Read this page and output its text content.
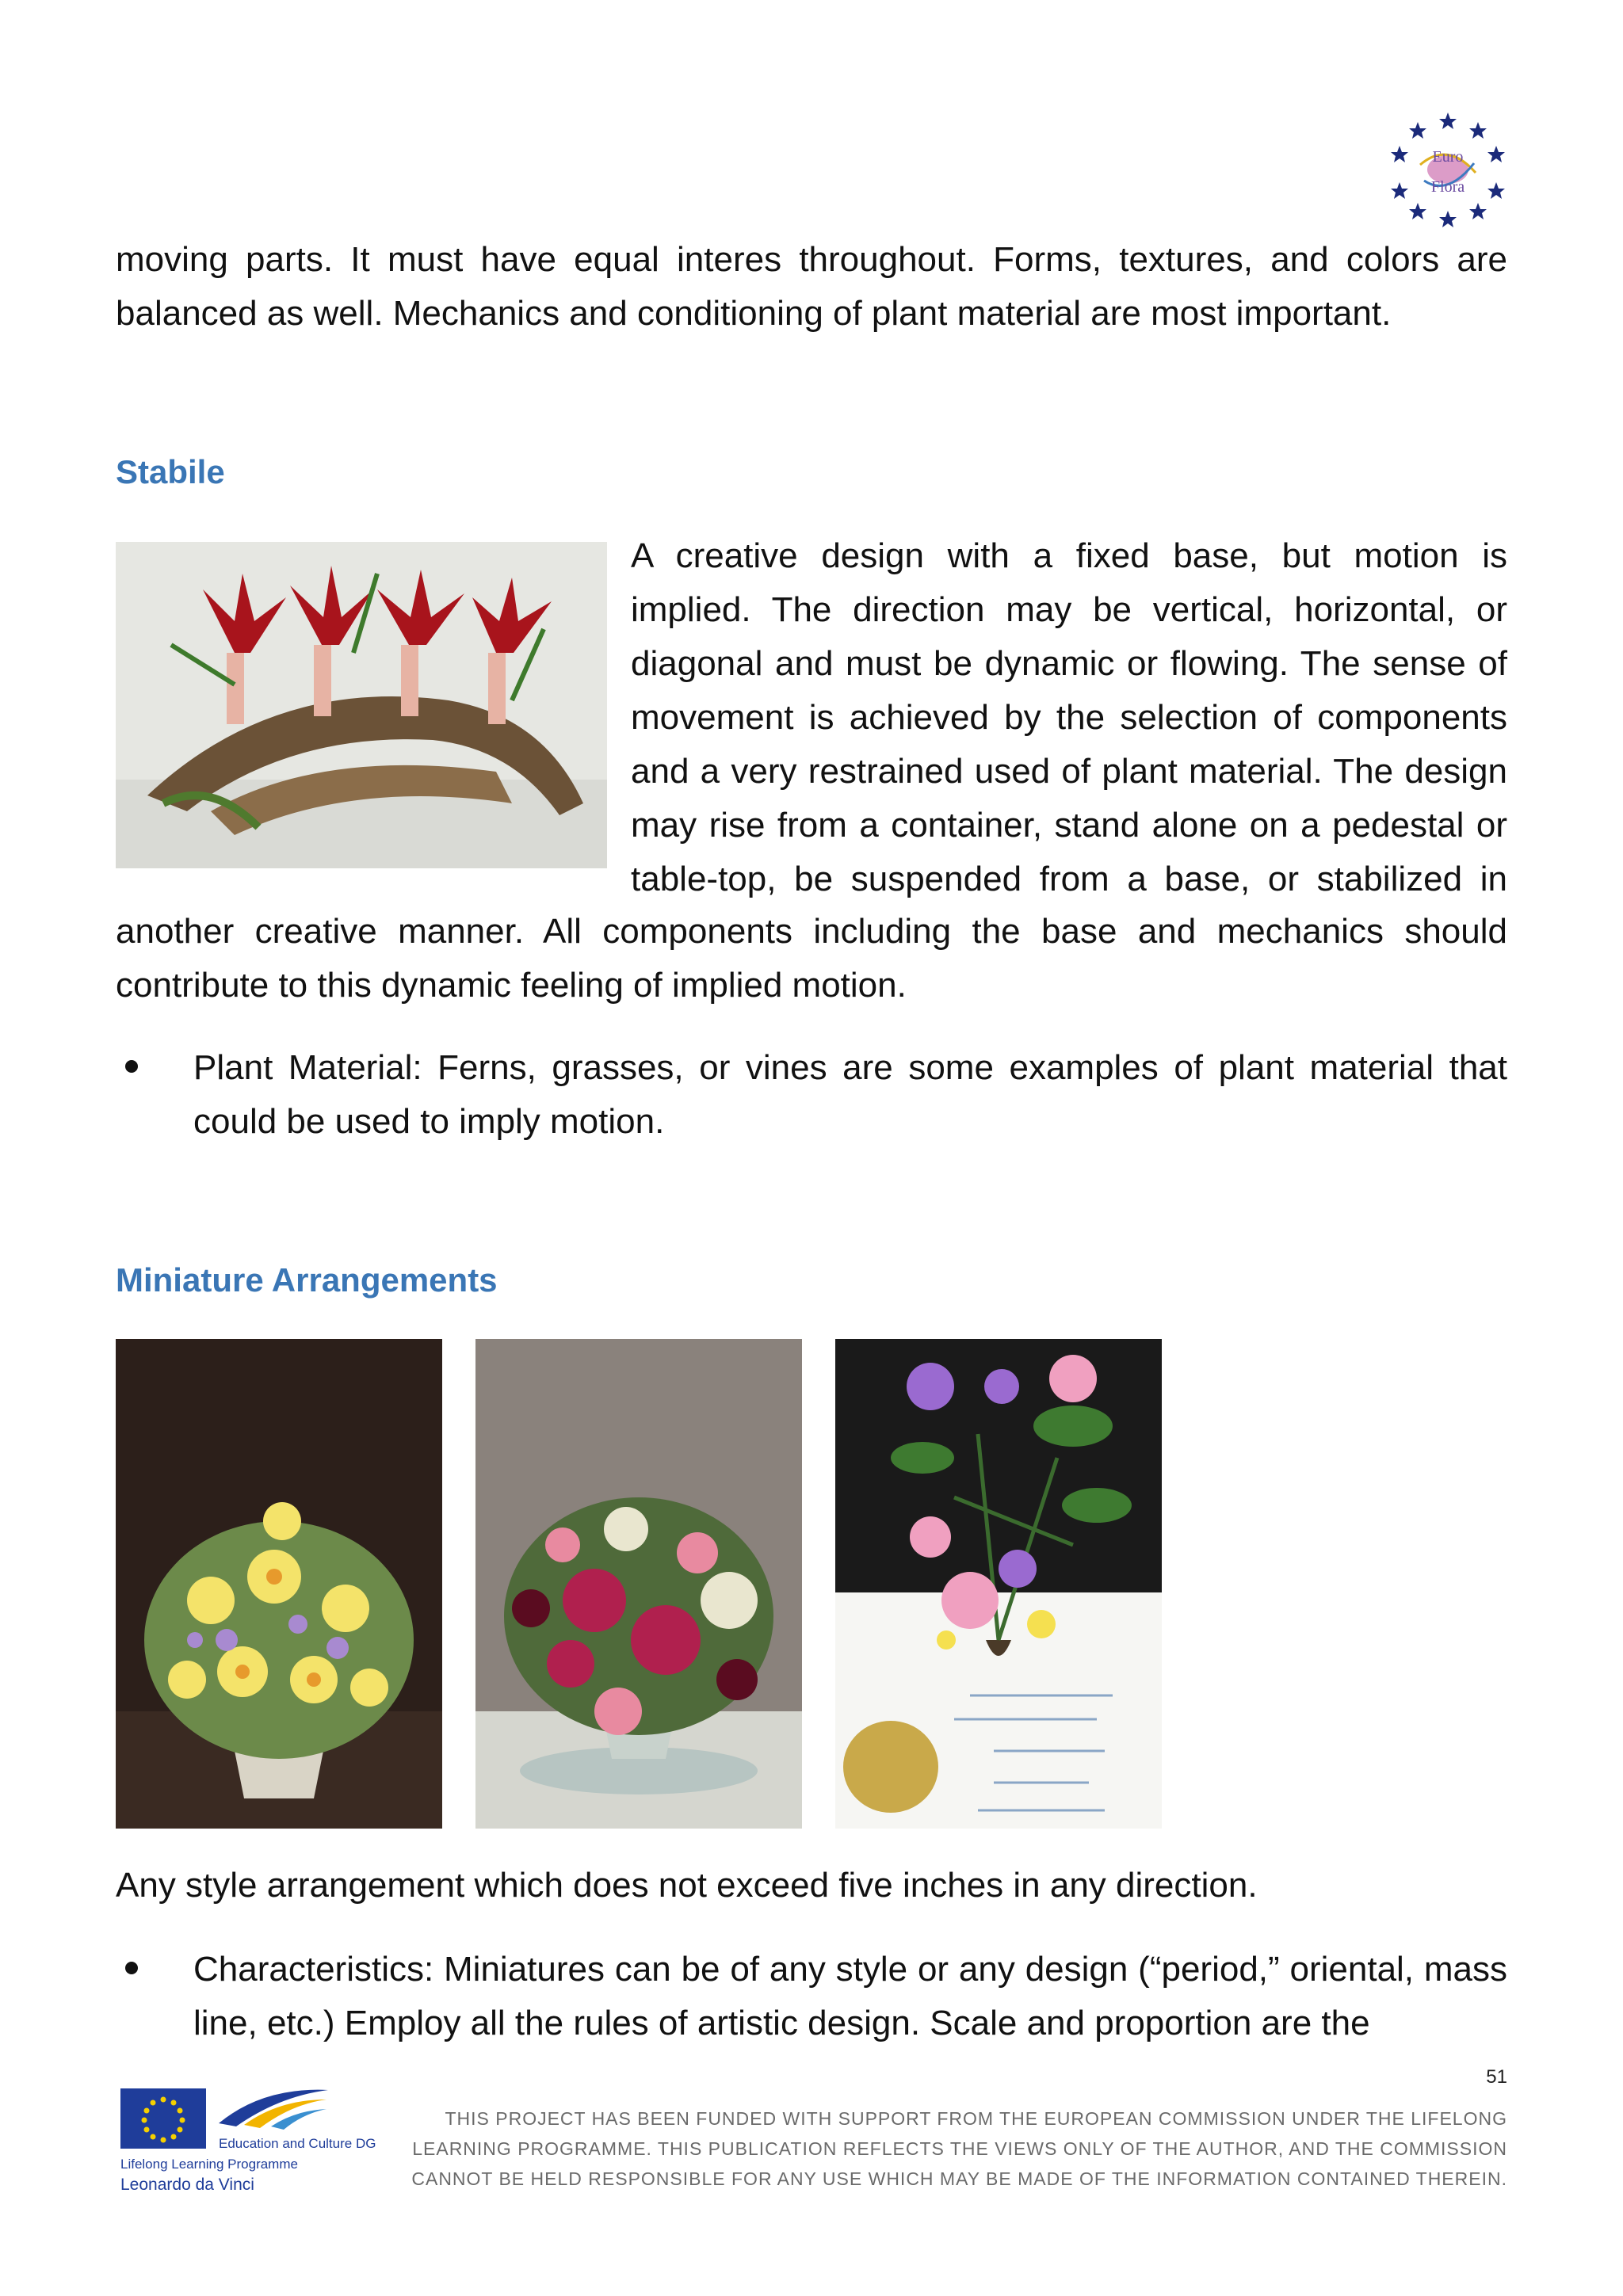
Euro
Flora
moving parts. It must have equal interes throughout. Forms, textures, and colors are balanced as well. Mechanics and conditioning of plant material are most important.
Stabile
A creative design with a fixed base, but motion is implied. The direction may be vertical, horizontal, or diagonal and must be dynamic or flowing. The sense of movement is achieved by the selection of components and a very restrained used of plant material. The design may rise from a container, stand alone on a pedestal or table-top, be suspended from a base, or stabilized in
another creative manner. All components including the base and mechanics should contribute to this dynamic feeling of implied motion.
Plant Material: Ferns, grasses, or vines are some examples of plant material that could be used to imply motion.
Miniature Arrangements
Any style arrangement which does not exceed five inches in any direction.
Characteristics: Miniatures can be of any style or any design (“period,” oriental, mass line, etc.) Employ all the rules of artistic design. Scale and proportion are the
51
Education and Culture DG
Lifelong Learning Programme
Leonardo da Vinci
THIS PROJECT HAS BEEN FUNDED WITH SUPPORT FROM THE EUROPEAN COMMISSION UNDER THE LIFELONG LEARNING PROGRAMME. THIS PUBLICATION REFLECTS THE VIEWS ONLY OF THE AUTHOR, AND THE COMMISSION CANNOT BE HELD RESPONSIBLE FOR ANY USE WHICH MAY BE MADE OF THE INFORMATION CONTAINED THEREIN.
